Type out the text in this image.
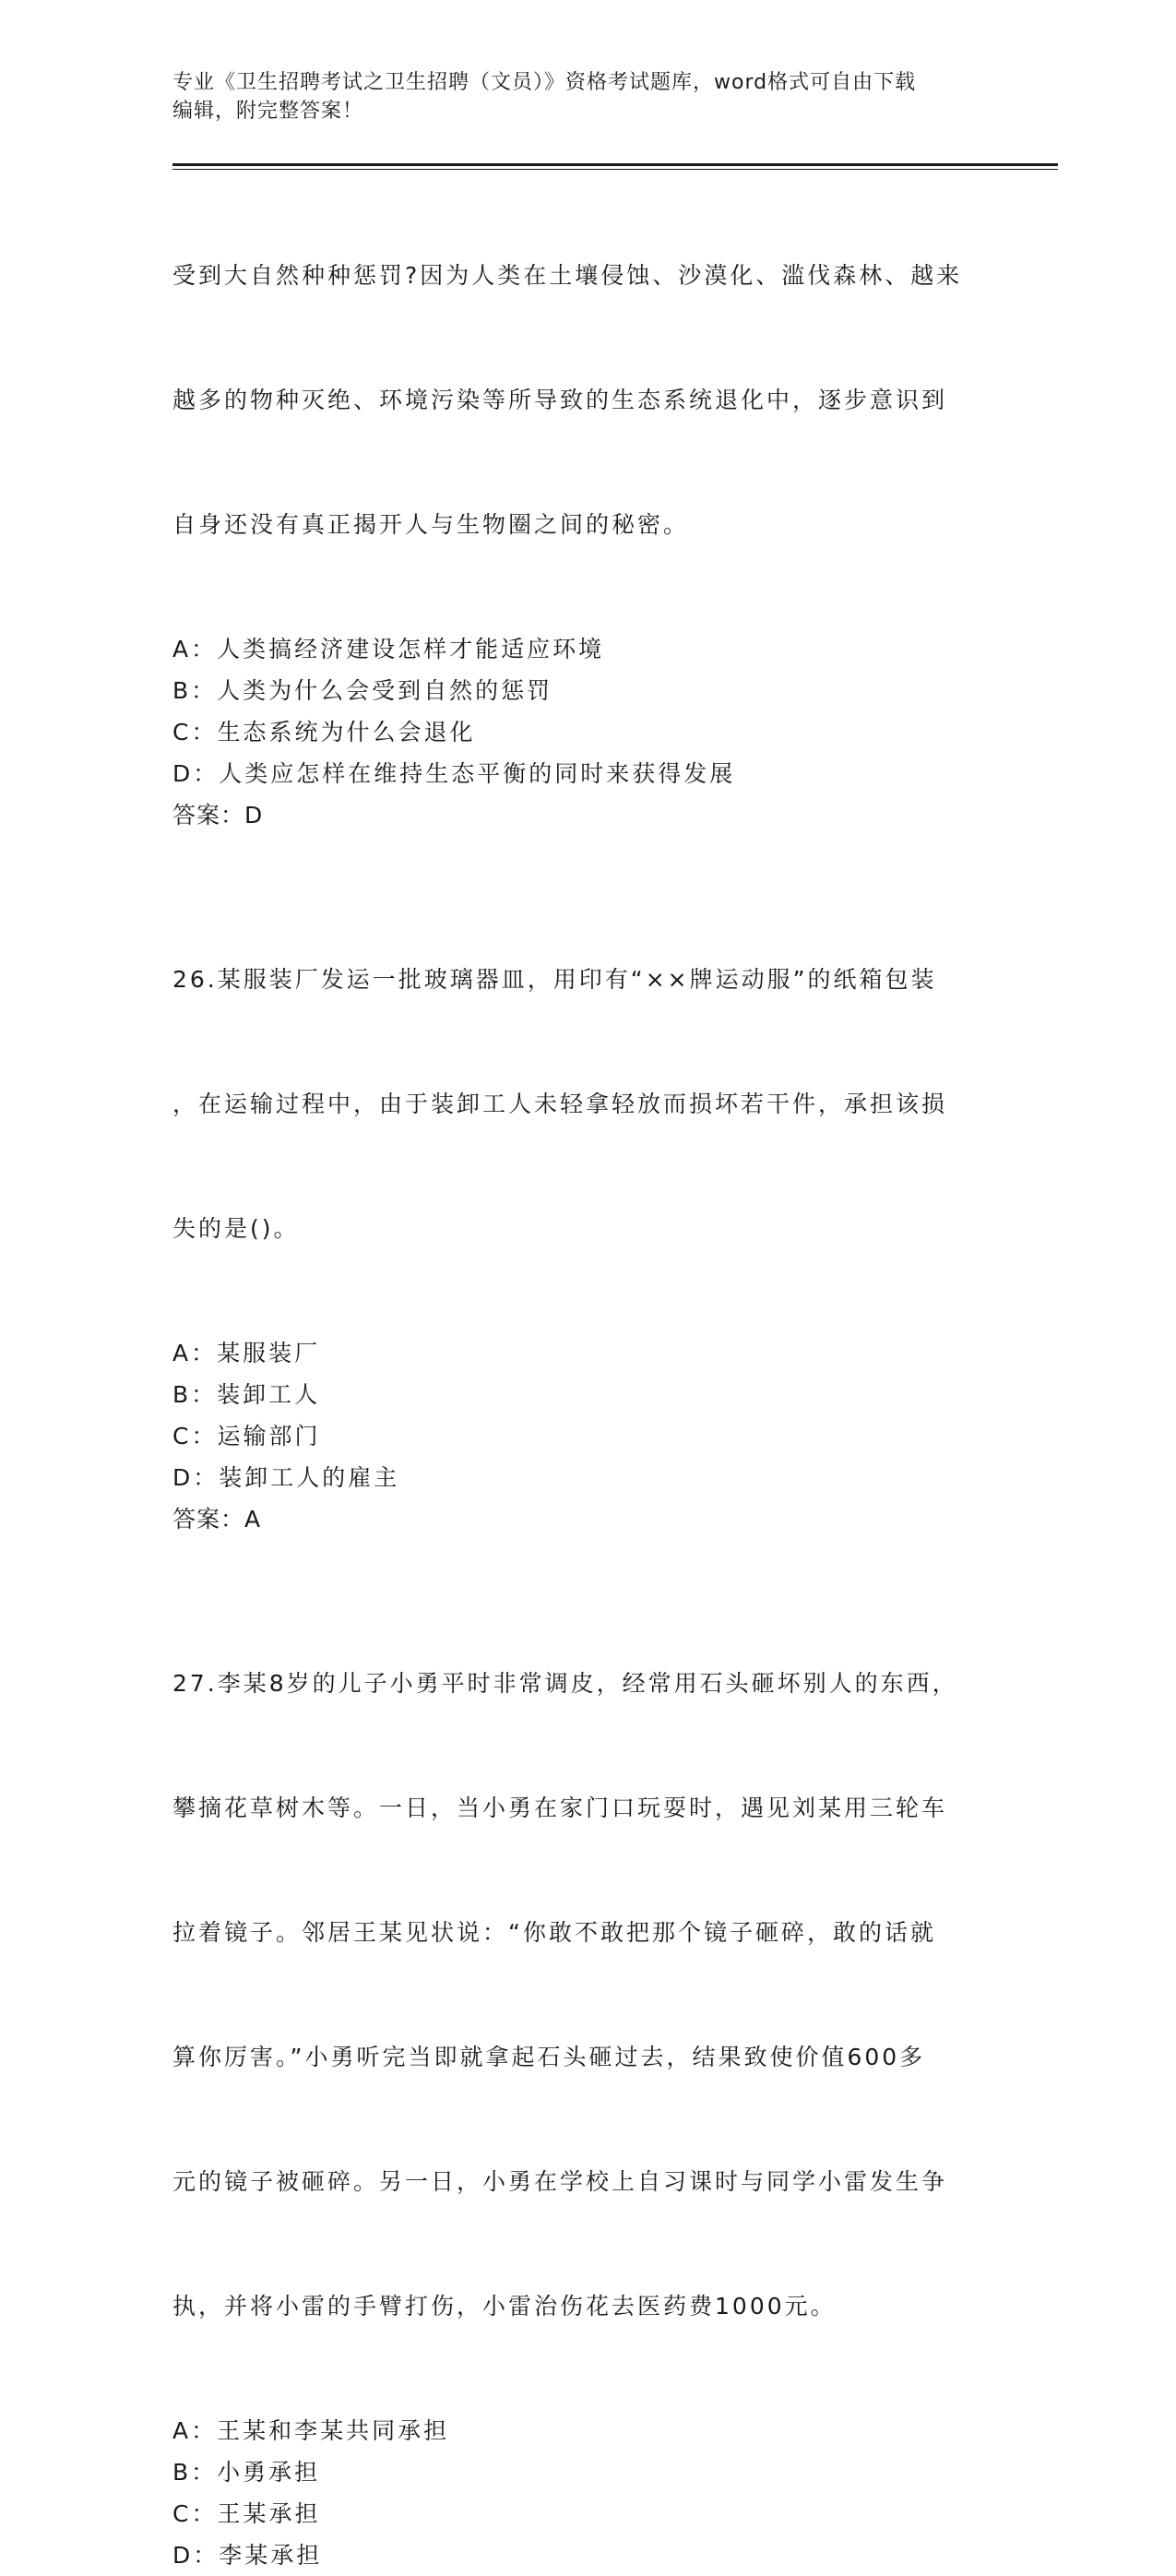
专业《卫生招聘考试之卫生招聘（文员）》资格考试题库，word格式可自由下载
编辑，附完整答案！

受到大自然种种惩罚?因为人类在土壤侵蚀、沙漠化、滥伐森林、越来

越多的物种灭绝、环境污染等所导致的生态系统退化中，逐步意识到

自身还没有真正揭开人与生物圈之间的秘密。

A：人类搞经济建设怎样才能适应环境
B：人类为什么会受到自然的惩罚
C：生态系统为什么会退化
D：人类应怎样在维持生态平衡的同时来获得发展
答案：D

26.某服装厂发运一批玻璃器皿，用印有“××牌运动服”的纸箱包装

，在运输过程中，由于装卸工人未轻拿轻放而损坏若干件，承担该损

失的是()。

A：某服装厂
B：装卸工人
C：运输部门
D：装卸工人的雇主
答案：A

27.李某8岁的儿子小勇平时非常调皮，经常用石头砸坏别人的东西，

攀摘花草树木等。一日，当小勇在家门口玩耍时，遇见刘某用三轮车

拉着镜子。邻居王某见状说：“你敢不敢把那个镜子砸碎，敢的话就

算你厉害。”小勇听完当即就拿起石头砸过去，结果致使价值600多

元的镜子被砸碎。另一日，小勇在学校上自习课时与同学小雷发生争

执，并将小雷的手臂打伤，小雷治伤花去医药费1000元。

A：王某和李某共同承担
B：小勇承担
C：王某承担
D：李某承担
